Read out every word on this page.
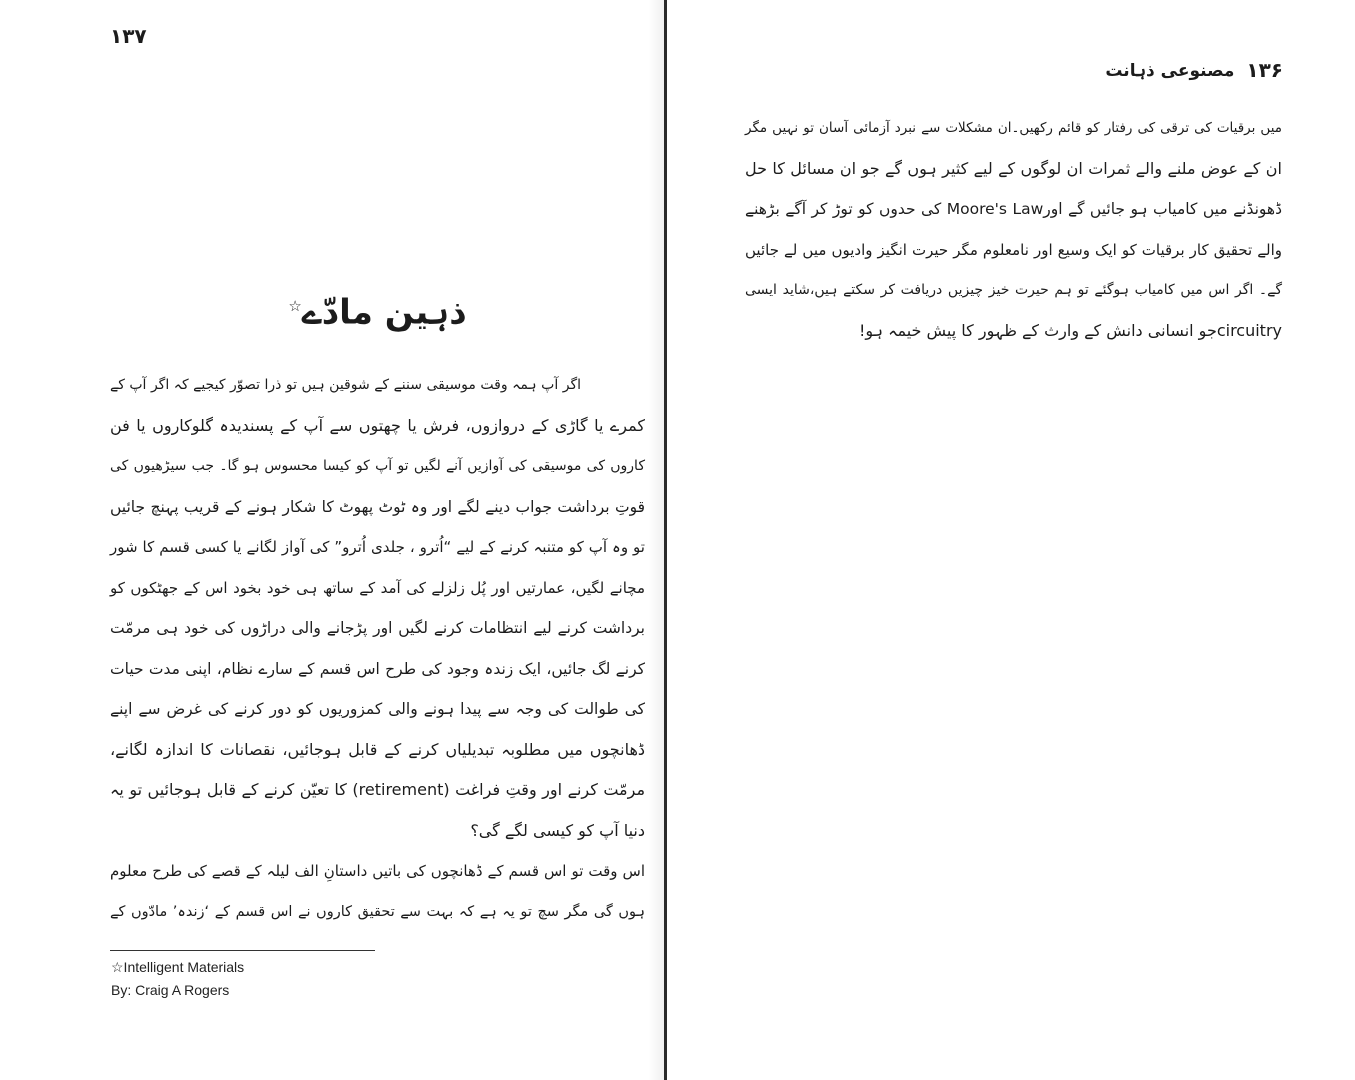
۱۳۷
ذہین مادّے☆
اگر آپ ہمہ وقت موسیقی سننے کے شوقین ہیں تو ذرا تصوّر کیجیے کہ اگر آپ کے
کمرے یا گاڑی کے دروازوں، فرش یا چھتوں سے آپ کے پسندیدہ گلوکاروں یا فن
کاروں کی موسیقی کی آوازیں آنے لگیں تو آپ کو کیسا محسوس ہو گا۔ جب سیڑھیوں کی
قوتِ برداشت جواب دینے لگے اور وہ ٹوٹ پھوٹ کا شکار ہونے کے قریب پہنچ جائیں
تو وہ آپ کو متنبہ کرنے کے لیے “اُترو ، جلدی اُترو” کی آواز لگانے یا کسی قسم کا شور
مچانے لگیں، عمارتیں اور پُل زلزلے کی آمد کے ساتھ ہی خود بخود اس کے جھٹکوں کو
برداشت کرنے لیے انتظامات کرنے لگیں اور پڑجانے والی دراڑوں کی خود ہی مرمّت
کرنے لگ جائیں، ایک زندہ وجود کی طرح اس قسم کے سارے نظام، اپنی مدت حیات
کی طوالت کی وجہ سے پیدا ہونے والی کمزوریوں کو دور کرنے کی غرض سے اپنے
ڈھانچوں میں مطلوبہ تبدیلیاں کرنے کے قابل ہوجائیں، نقصانات کا اندازہ لگانے،
مرمّت کرنے اور وقتِ فراغت (retirement) کا تعیّن کرنے کے قابل ہوجائیں تو یہ
دنیا آپ کو کیسی لگے گی؟
اس وقت تو اس قسم کے ڈھانچوں کی باتیں داستانِ الف لیلہ کے قصے کی طرح معلوم
ہوں گی مگر سچ تو یہ ہے کہ بہت سے تحقیق کاروں نے اس قسم کے ‘زندہ’ مادّوں کے
☆Intelligent Materials
By: Craig A Rogers
۱۳۶
مصنوعی ذہانت
میں برقیات کی ترقی کی رفتار کو قائم رکھیں۔ان مشکلات سے نبرد آزمائی آسان تو نہیں مگر
ان کے عوض ملنے والے ثمرات ان لوگوں کے لیے کثیر ہوں گے جو ان مسائل کا حل
ڈھونڈنے میں کامیاب ہو جائیں گے اورMoore's Law کی حدوں کو توڑ کر آگے بڑھنے
والے تحقیق کار برقیات کو ایک وسیع اور نامعلوم مگر حیرت انگیز وادیوں میں لے جائیں
گے۔ اگر اس میں کامیاب ہوگئے تو ہم حیرت خیز چیزیں دریافت کر سکتے ہیں،شاید ایسی
circuitryجو انسانی دانش کے وارث کے ظہور کا پیش خیمہ ہو!
